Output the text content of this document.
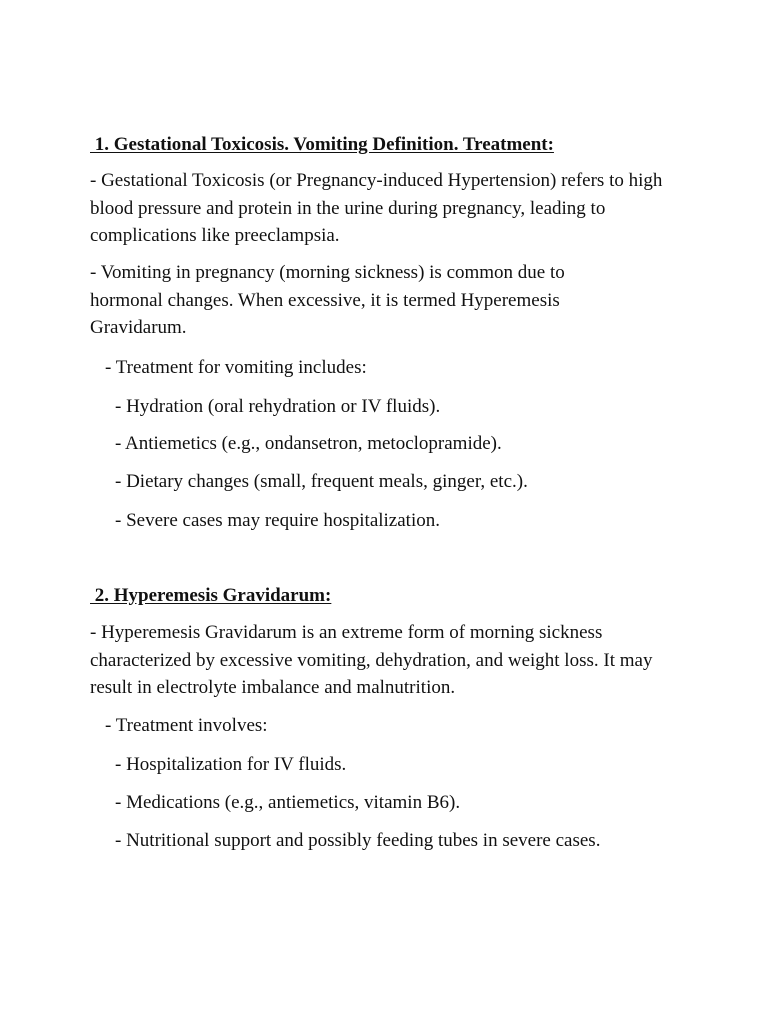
1. Gestational Toxicosis. Vomiting Definition. Treatment:

- Gestational Toxicosis (or Pregnancy-induced Hypertension) refers to high blood pressure and protein in the urine during pregnancy, leading to complications like preeclampsia.

- Vomiting in pregnancy (morning sickness) is common due to hormonal changes. When excessive, it is termed Hyperemesis Gravidarum.

- Treatment for vomiting includes:
- Hydration (oral rehydration or IV fluids).
- Antiemetics (e.g., ondansetron, metoclopramide).
- Dietary changes (small, frequent meals, ginger, etc.).
- Severe cases may require hospitalization.
2. Hyperemesis Gravidarum:

- Hyperemesis Gravidarum is an extreme form of morning sickness characterized by excessive vomiting, dehydration, and weight loss. It may result in electrolyte imbalance and malnutrition.

- Treatment involves:
- Hospitalization for IV fluids.
- Medications (e.g., antiemetics, vitamin B6).
- Nutritional support and possibly feeding tubes in severe cases.
